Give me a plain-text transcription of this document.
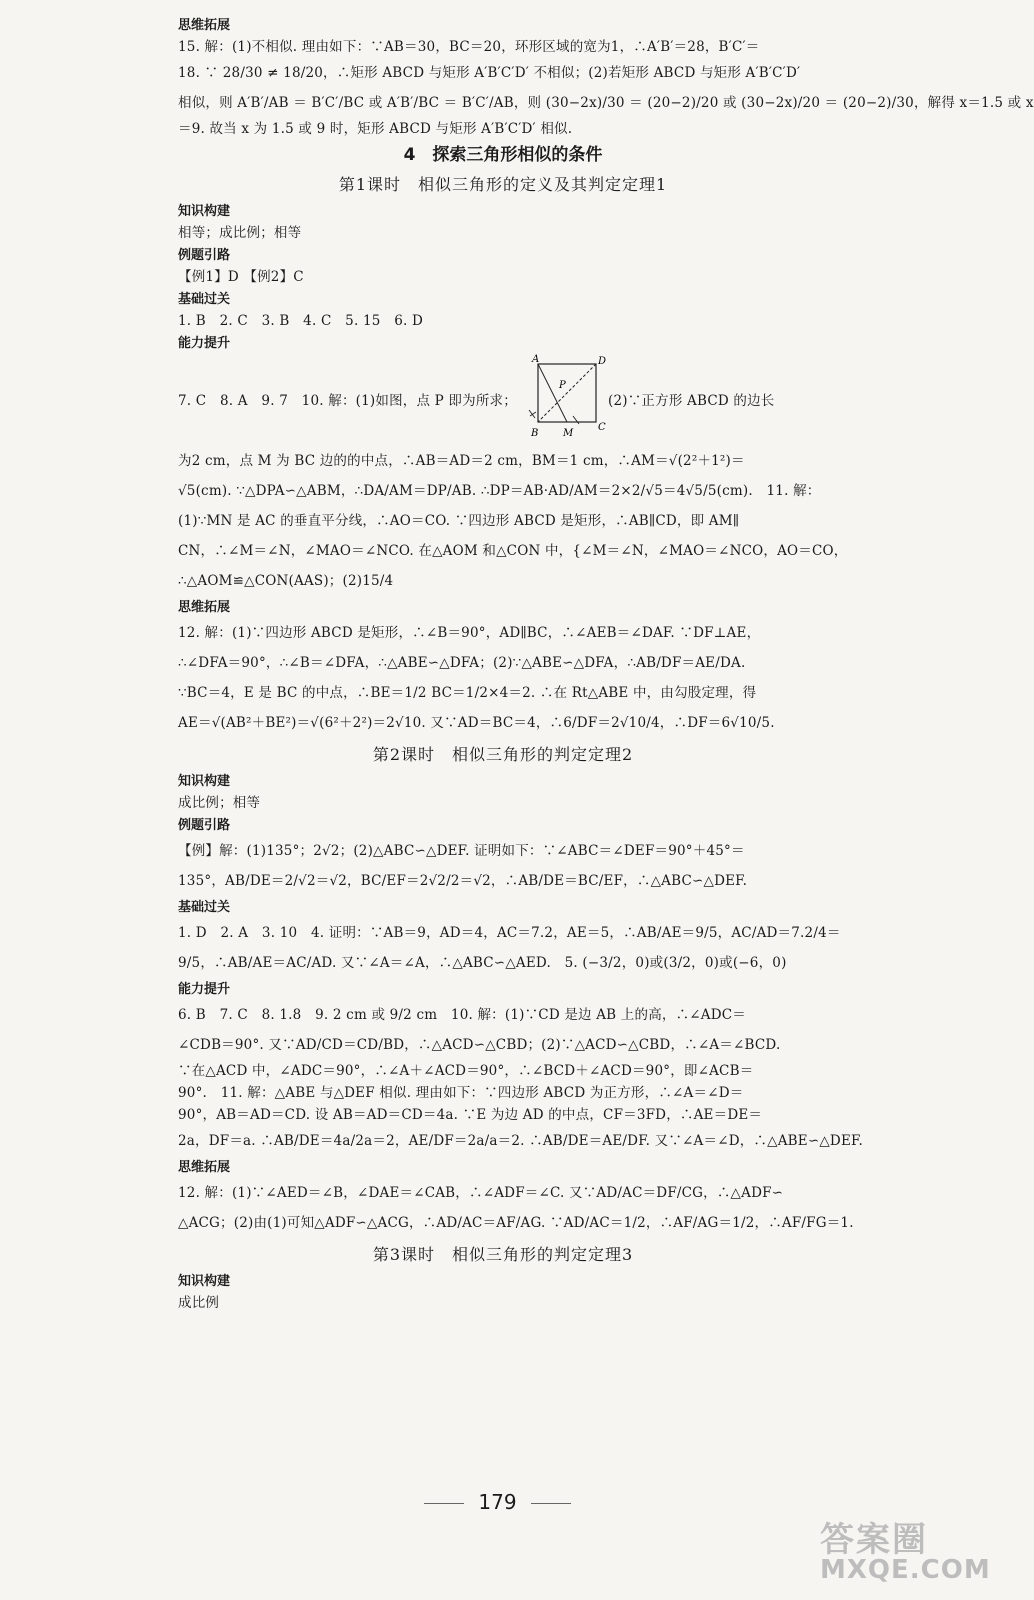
思维拓展
15. 解：(1)不相似. 理由如下：∵AB＝30，BC＝20，环形区域的宽为1，∴A′B′＝28，B′C′＝
18. ∵ 28/30 ≠ 18/20，∴矩形 ABCD 与矩形 A′B′C′D′ 不相似；(2)若矩形 ABCD 与矩形 A′B′C′D′
相似，则 A′B′/AB ＝ B′C′/BC 或 A′B′/BC ＝ B′C′/AB，则 (30−2x)/30 ＝ (20−2)/20 或 (30−2x)/20 ＝ (20−2)/30，解得 x＝1.5 或 x
＝9. 故当 x 为 1.5 或 9 时，矩形 ABCD 与矩形 A′B′C′D′ 相似.
4　探索三角形相似的条件
第1课时　相似三角形的定义及其判定定理1
知识构建
相等；成比例；相等
例题引路
【例1】D 【例2】C
基础过关
1. B　2. C　3. B　4. C　5. 15　6. D
能力提升
7. C　8. A　9. 7　10. 解：(1)如图，点 P 即为所求；
A	D
P
B M
C
(2)∵正方形 ABCD 的边长
为2 cm，点 M 为 BC 边的的中点，∴AB＝AD＝2 cm，BM＝1 cm，∴AM＝√(2²＋1²)＝
√5(cm). ∵△DPA∽△ABM，∴DA/AM＝DP/AB. ∴DP＝AB·AD/AM＝2×2/√5＝4√5/5(cm).　11. 解：
(1)∵MN 是 AC 的垂直平分线，∴AO＝CO. ∵四边形 ABCD 是矩形，∴AB∥CD，即 AM∥
CN，∴∠M＝∠N，∠MAO＝∠NCO. 在△AOM 和△CON 中，{∠M＝∠N，∠MAO＝∠NCO，AO＝CO，
∴△AOM≌△CON(AAS)；(2)15/4
思维拓展
12. 解：(1)∵四边形 ABCD 是矩形，∴∠B＝90°，AD∥BC，∴∠AEB＝∠DAF. ∵DF⊥AE，
∴∠DFA＝90°，∴∠B＝∠DFA，∴△ABE∽△DFA；(2)∵△ABE∽△DFA，∴AB/DF＝AE/DA.
∵BC＝4，E 是 BC 的中点，∴BE＝1/2 BC＝1/2×4＝2. ∴在 Rt△ABE 中，由勾股定理，得
AE＝√(AB²＋BE²)＝√(6²＋2²)＝2√10. 又∵AD＝BC＝4，∴6/DF＝2√10/4，∴DF＝6√10/5.
第2课时　相似三角形的判定定理2
知识构建
成比例；相等
例题引路
【例】解：(1)135°；2√2；(2)△ABC∽△DEF. 证明如下：∵∠ABC＝∠DEF＝90°＋45°＝
135°，AB/DE＝2/√2＝√2，BC/EF＝2√2/2＝√2，∴AB/DE＝BC/EF，∴△ABC∽△DEF.
基础过关
1. D　2. A　3. 10　4. 证明：∵AB＝9，AD＝4，AC＝7.2，AE＝5，∴AB/AE＝9/5，AC/AD＝7.2/4＝
9/5，∴AB/AE＝AC/AD. 又∵∠A＝∠A，∴△ABC∽△AED.　5. (−3/2，0)或(3/2，0)或(−6，0)
能力提升
6. B　7. C　8. 1.8　9. 2 cm 或 9/2 cm　10. 解：(1)∵CD 是边 AB 上的高，∴∠ADC＝
∠CDB＝90°. 又∵AD/CD＝CD/BD，∴△ACD∽△CBD；(2)∵△ACD∽△CBD，∴∠A＝∠BCD.
∵在△ACD 中，∠ADC＝90°，∴∠A＋∠ACD＝90°，∴∠BCD＋∠ACD＝90°，即∠ACB＝
90°.　11. 解：△ABE 与△DEF 相似. 理由如下：∵四边形 ABCD 为正方形，∴∠A＝∠D＝
90°，AB＝AD＝CD. 设 AB＝AD＝CD＝4a. ∵E 为边 AD 的中点，CF＝3FD，∴AE＝DE＝
2a，DF＝a. ∴AB/DE＝4a/2a＝2，AE/DF＝2a/a＝2. ∴AB/DE＝AE/DF. 又∵∠A＝∠D，∴△ABE∽△DEF.
思维拓展
12. 解：(1)∵∠AED＝∠B，∠DAE＝∠CAB，∴∠ADF＝∠C. 又∵AD/AC＝DF/CG，∴△ADF∽
△ACG；(2)由(1)可知△ADF∽△ACG，∴AD/AC＝AF/AG. ∵AD/AC＝1/2，∴AF/AG＝1/2，∴AF/FG＝1.
第3课时　相似三角形的判定定理3
知识构建
成比例
179
答案圈
MXQE.COM
